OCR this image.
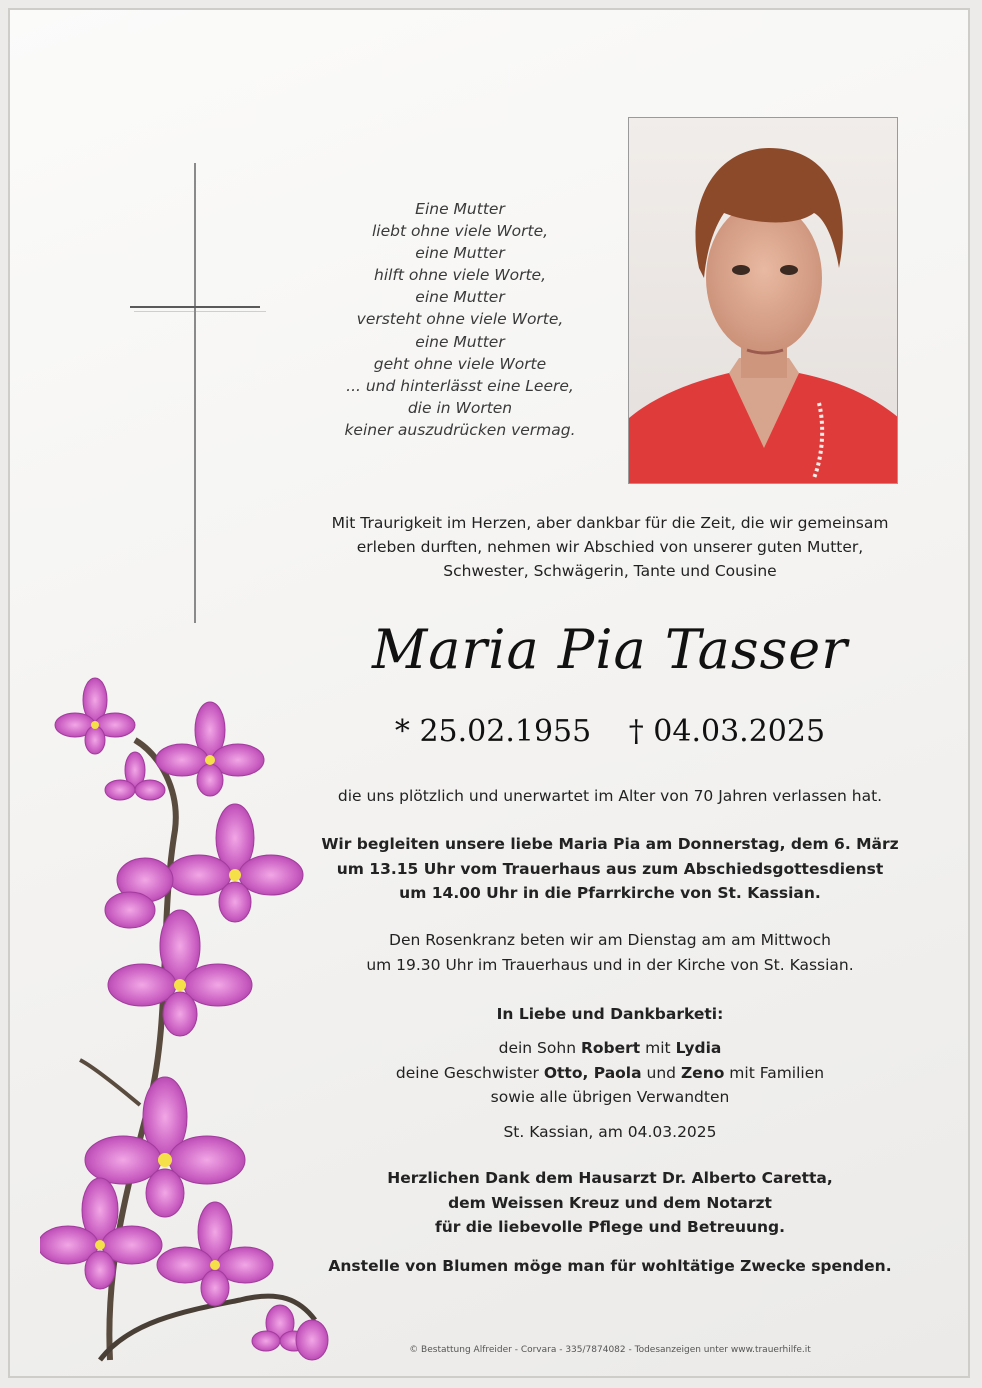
Eine Mutter
liebt ohne viele Worte,
eine Mutter
hilft ohne viele Worte,
eine Mutter
versteht ohne viele Worte,
eine Mutter
geht ohne viele Worte
... und hinterlässt eine Leere,
die in Worten
keiner auszudrücken vermag.
Mit Traurigkeit im Herzen, aber dankbar für die Zeit, die wir gemeinsam
erleben durften, nehmen wir Abschied von unserer guten Mutter,
Schwester, Schwägerin, Tante und Cousine
Maria Pia Tasser
* 25.02.1955 † 04.03.2025
die uns plötzlich und unerwartet im Alter von 70 Jahren verlassen hat.
Wir begleiten unsere liebe Maria Pia am Donnerstag, dem 6. März
um 13.15 Uhr vom Trauerhaus aus zum Abschiedsgottesdienst
um 14.00 Uhr in die Pfarrkirche von St. Kassian.
Den Rosenkranz beten wir am Dienstag am am Mittwoch
um 19.30 Uhr im Trauerhaus und in der Kirche von St. Kassian.
In Liebe und Dankbarketi:
dein Sohn Robert mit Lydia
deine Geschwister Otto, Paola und Zeno mit Familien
sowie alle übrigen Verwandten
St. Kassian, am 04.03.2025
Herzlichen Dank dem Hausarzt Dr. Alberto Caretta,
dem Weissen Kreuz und dem Notarzt
für die liebevolle Pflege und Betreuung.
Anstelle von Blumen möge man für wohltätige Zwecke spenden.
© Bestattung Alfreider - Corvara - 335/7874082 - Todesanzeigen unter www.trauerhilfe.it
